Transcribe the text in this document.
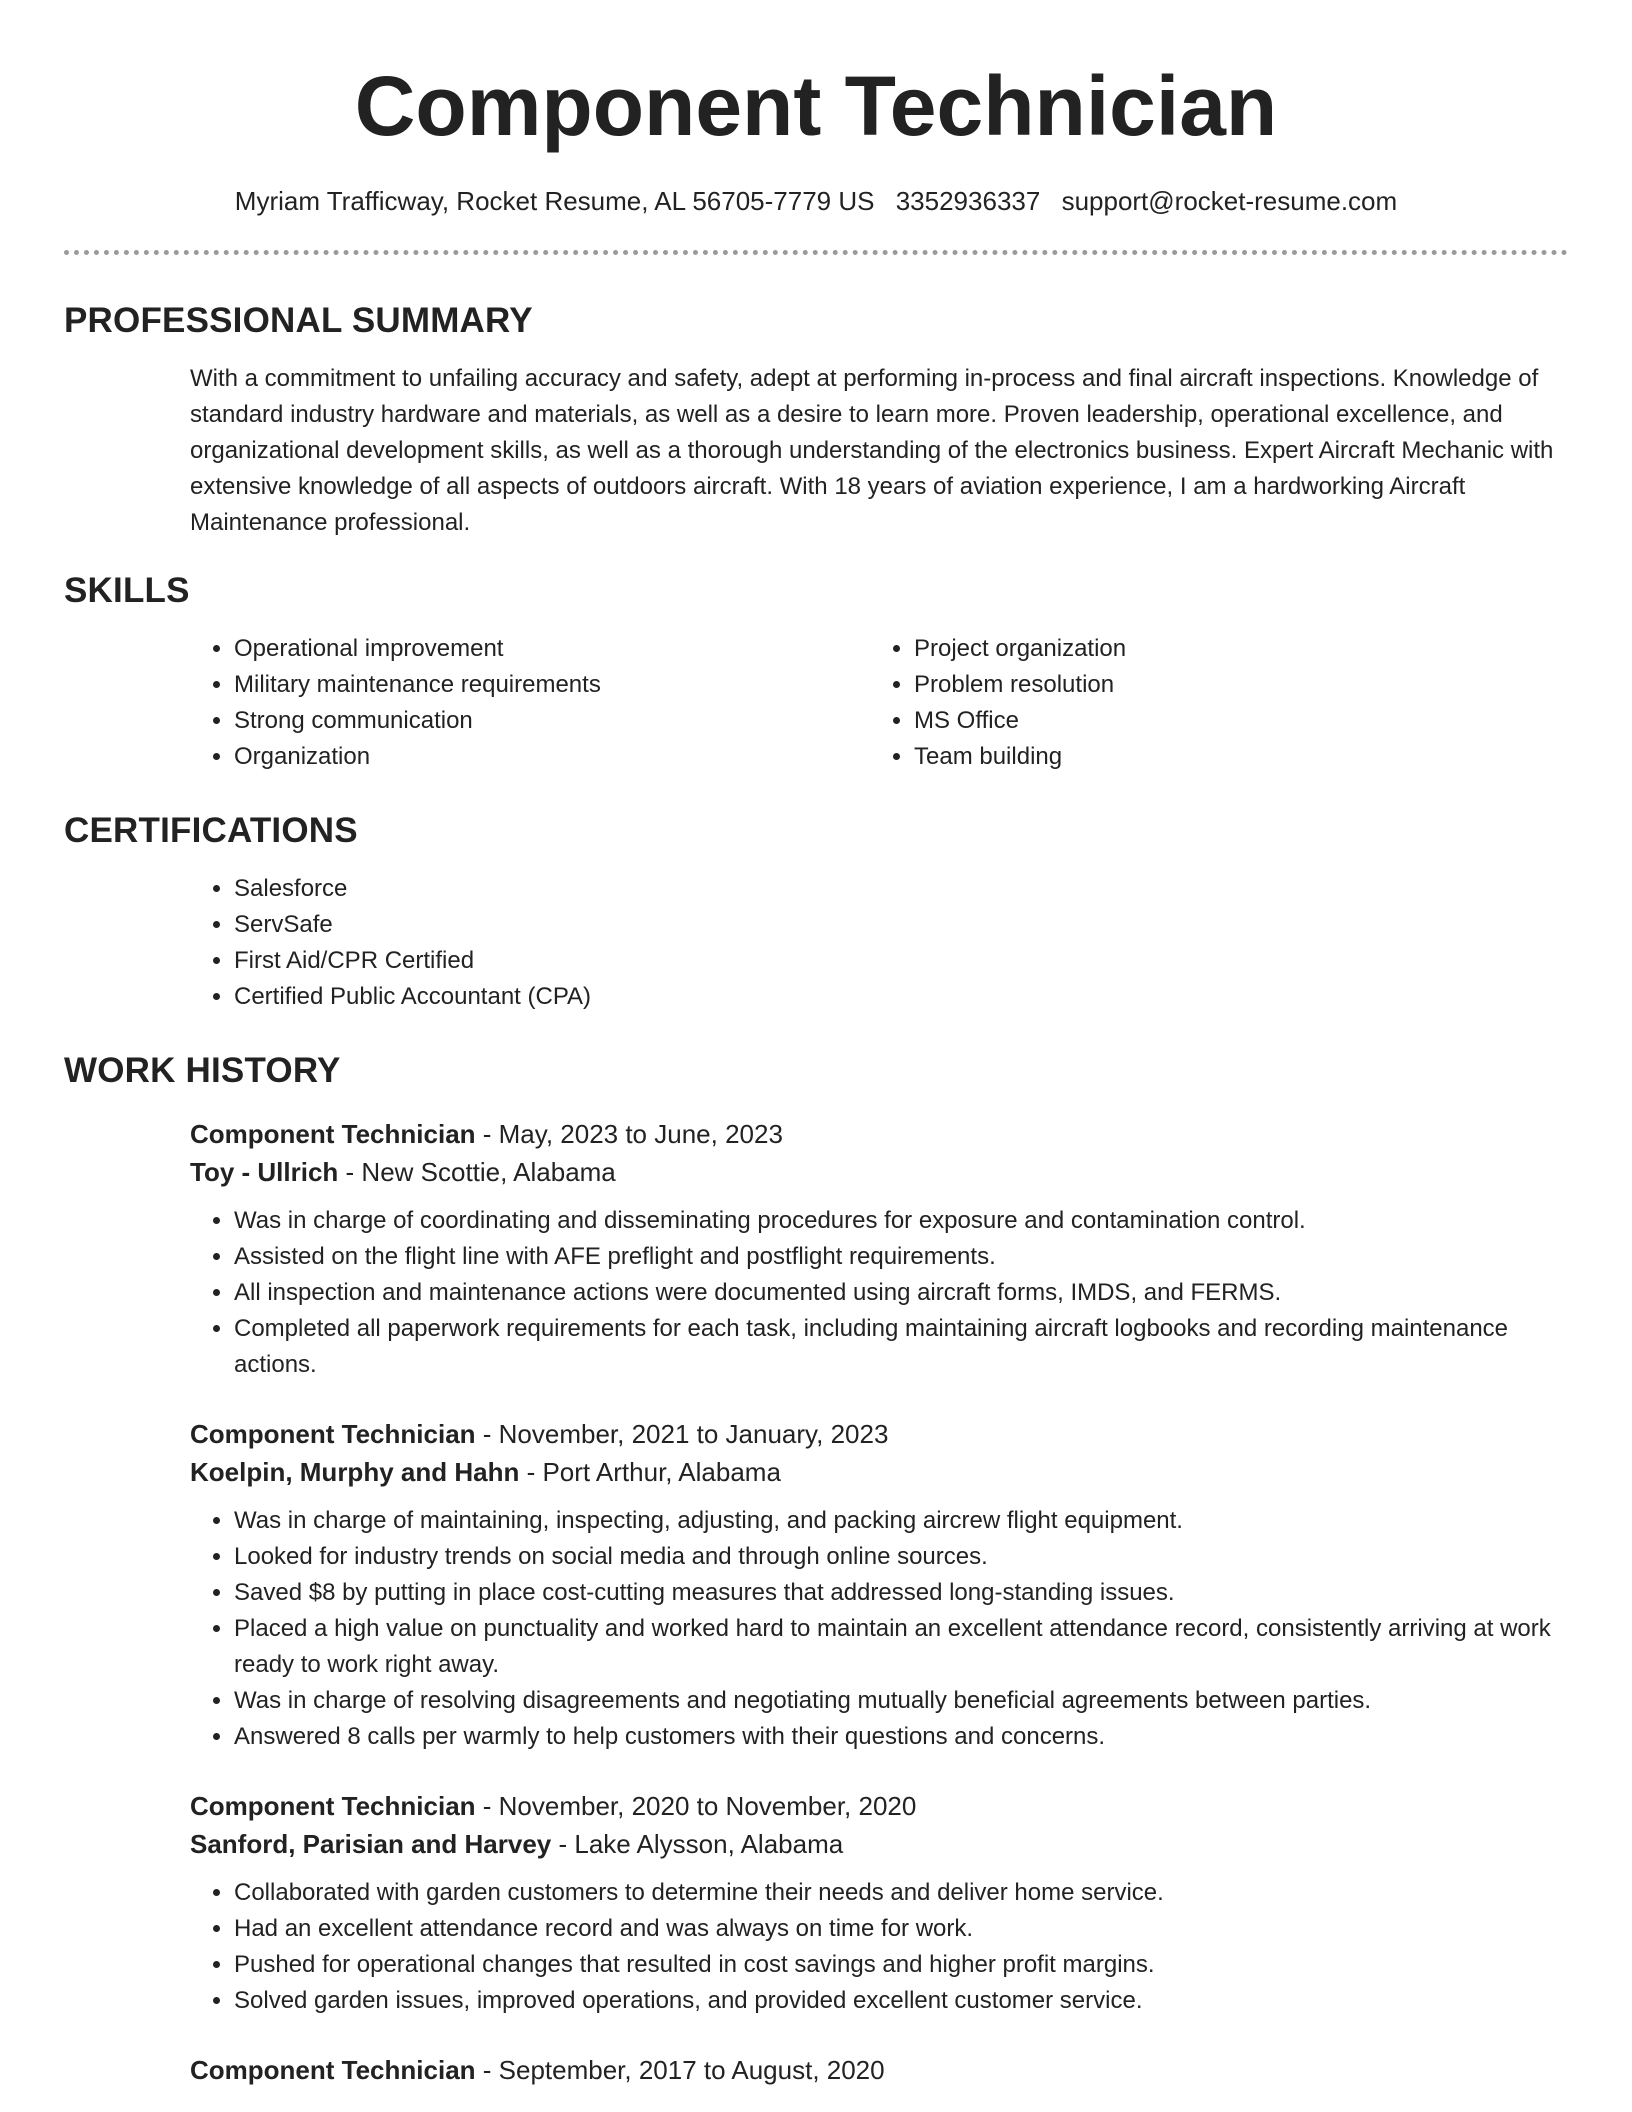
Component Technician
Myriam Trafficway, Rocket Resume, AL 56705-7779 US 3352936337 support@rocket-resume.com
PROFESSIONAL SUMMARY

With a commitment to unfailing accuracy and safety, adept at performing in-process and final aircraft inspections. Knowledge of standard industry hardware and materials, as well as a desire to learn more. Proven leadership, operational excellence, and organizational development skills, as well as a thorough understanding of the electronics business. Expert Aircraft Mechanic with extensive knowledge of all aspects of outdoors aircraft. With 18 years of aviation experience, I am a hardworking Aircraft Maintenance professional.

SKILLS
• Operational improvement
• Military maintenance requirements
• Strong communication
• Organization
• Project organization
• Problem resolution
• MS Office
• Team building
CERTIFICATIONS
• Salesforce
• ServSafe
• First Aid/CPR Certified
• Certified Public Accountant (CPA)
WORK HISTORY
Component Technician - May, 2023 to June, 2023
Toy - Ullrich - New Scottie, Alabama
• Was in charge of coordinating and disseminating procedures for exposure and contamination control.
• Assisted on the flight line with AFE preflight and postflight requirements.
• All inspection and maintenance actions were documented using aircraft forms, IMDS, and FERMS.
• Completed all paperwork requirements for each task, including maintaining aircraft logbooks and recording maintenance actions.
Component Technician - November, 2021 to January, 2023
Koelpin, Murphy and Hahn - Port Arthur, Alabama
• Was in charge of maintaining, inspecting, adjusting, and packing aircrew flight equipment.
• Looked for industry trends on social media and through online sources.
• Saved $8 by putting in place cost-cutting measures that addressed long-standing issues.
• Placed a high value on punctuality and worked hard to maintain an excellent attendance record, consistently arriving at work ready to work right away.
• Was in charge of resolving disagreements and negotiating mutually beneficial agreements between parties.
• Answered 8 calls per warmly to help customers with their questions and concerns.
Component Technician - November, 2020 to November, 2020
Sanford, Parisian and Harvey - Lake Alysson, Alabama
• Collaborated with garden customers to determine their needs and deliver home service.
• Had an excellent attendance record and was always on time for work.
• Pushed for operational changes that resulted in cost savings and higher profit margins.
• Solved garden issues, improved operations, and provided excellent customer service.
Component Technician - September, 2017 to August, 2020
